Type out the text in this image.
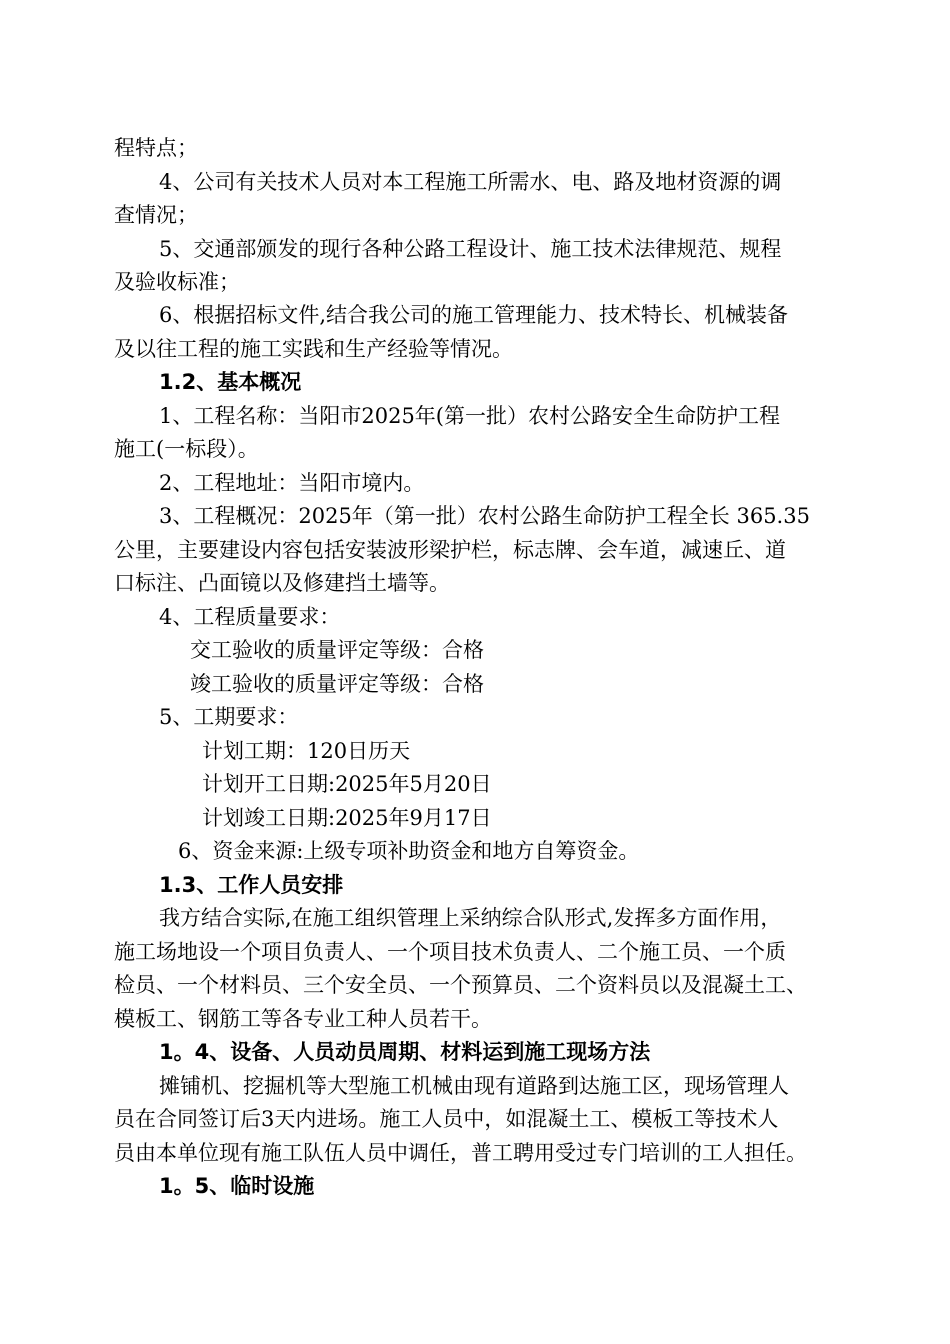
程特点；
4、公司有关技术人员对本工程施工所需水、电、路及地材资源的调
查情况；
5、交通部颁发的现行各种公路工程设计、施工技术法律规范、规程
及验收标准；
6、根据招标文件,结合我公司的施工管理能力、技术特长、机械装备
及以往工程的施工实践和生产经验等情况。
1.2、基本概况
1、工程名称：当阳市2025年(第一批）农村公路安全生命防护工程
施工(一标段）。
2、工程地址：当阳市境内。
3、工程概况：2025年（第一批）农村公路生命防护工程全长 365.35
公里，主要建设内容包括安装波形梁护栏，标志牌、会车道，减速丘、道
口标注、凸面镜以及修建挡土墙等。
4、工程质量要求：
交工验收的质量评定等级：合格
竣工验收的质量评定等级：合格
5、工期要求：
计划工期：120日历天
计划开工日期:2025年5月20日
计划竣工日期:2025年9月17日
6、资金来源:上级专项补助资金和地方自筹资金。
1.3、工作人员安排
我方结合实际,在施工组织管理上采纳综合队形式,发挥多方面作用，
施工场地设一个项目负责人、一个项目技术负责人、二个施工员、一个质
检员、一个材料员、三个安全员、一个预算员、二个资料员以及混凝土工、
模板工、钢筋工等各专业工种人员若干。
1。4、设备、人员动员周期、材料运到施工现场方法
摊铺机、挖掘机等大型施工机械由现有道路到达施工区，现场管理人
员在合同签订后3天内进场。施工人员中，如混凝土工、模板工等技术人
员由本单位现有施工队伍人员中调任，普工聘用受过专门培训的工人担任。
1。5、临时设施
